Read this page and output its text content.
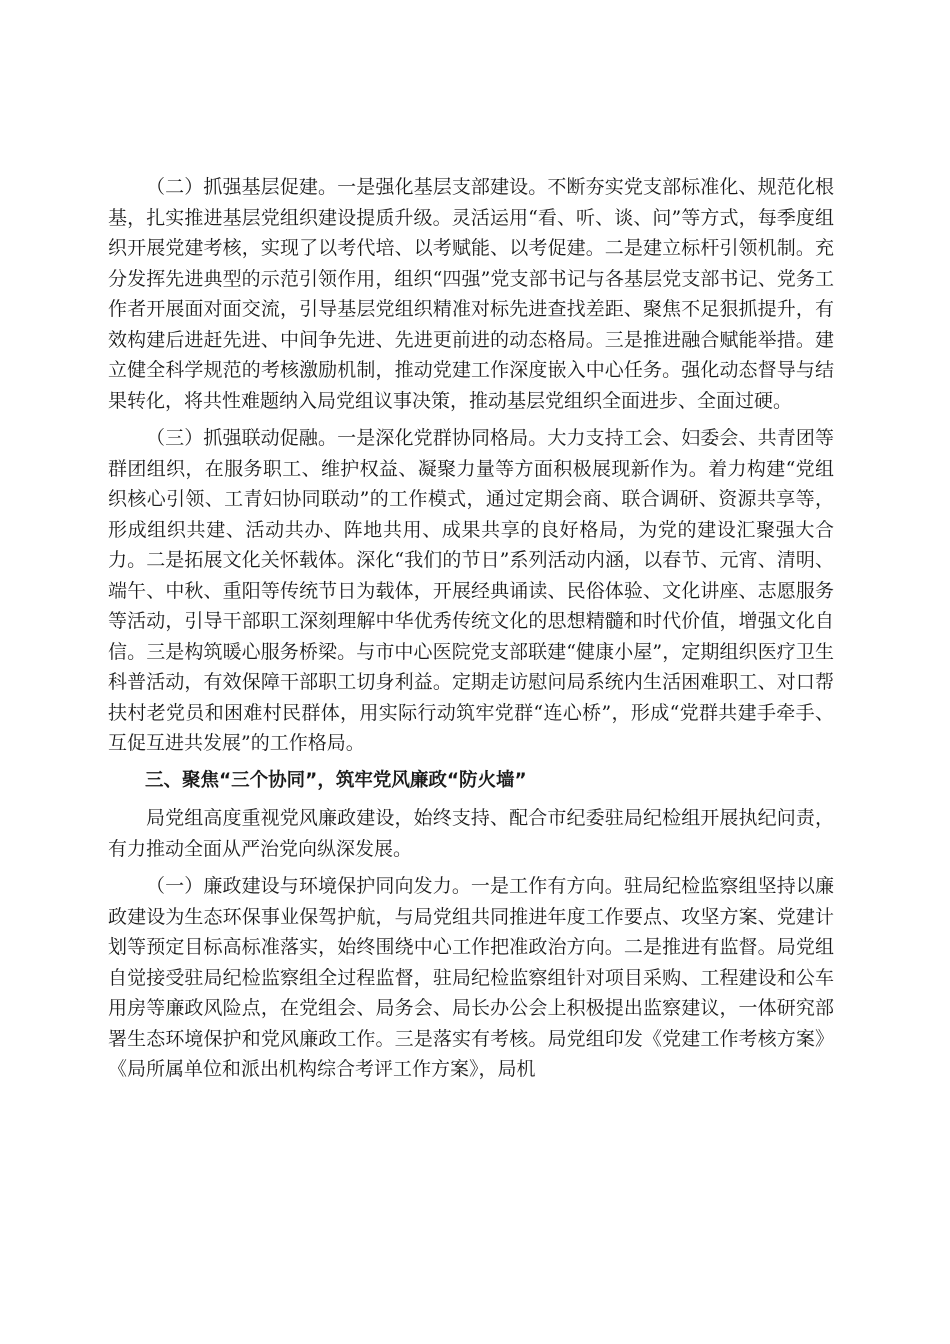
（二）抓强基层促建。一是强化基层支部建设。不断夯实党支部标准化、规范化根基，扎实推进基层党组织建设提质升级。灵活运用“看、听、谈、问”等方式，每季度组织开展党建考核，实现了以考代培、以考赋能、以考促建。二是建立标杆引领机制。充分发挥先进典型的示范引领作用，组织“四强”党支部书记与各基层党支部书记、党务工作者开展面对面交流，引导基层党组织精准对标先进查找差距、聚焦不足狠抓提升，有效构建后进赶先进、中间争先进、先进更前进的动态格局。三是推进融合赋能举措。建立健全科学规范的考核激励机制，推动党建工作深度嵌入中心任务。强化动态督导与结果转化，将共性难题纳入局党组议事决策，推动基层党组织全面进步、全面过硬。

（三）抓强联动促融。一是深化党群协同格局。大力支持工会、妇委会、共青团等群团组织，在服务职工、维护权益、凝聚力量等方面积极展现新作为。着力构建“党组织核心引领、工青妇协同联动”的工作模式，通过定期会商、联合调研、资源共享等，形成组织共建、活动共办、阵地共用、成果共享的良好格局，为党的建设汇聚强大合力。二是拓展文化关怀载体。深化“我们的节日”系列活动内涵，以春节、元宵、清明、端午、中秋、重阳等传统节日为载体，开展经典诵读、民俗体验、文化讲座、志愿服务等活动，引导干部职工深刻理解中华优秀传统文化的思想精髓和时代价值，增强文化自信。三是构筑暖心服务桥梁。与市中心医院党支部联建“健康小屋”，定期组织医疗卫生科普活动，有效保障干部职工切身利益。定期走访慰问局系统内生活困难职工、对口帮扶村老党员和困难村民群体，用实际行动筑牢党群“连心桥”，形成“党群共建手牵手、互促互进共发展”的工作格局。

三、聚焦“三个协同”，筑牢党风廉政“防火墙”

局党组高度重视党风廉政建设，始终支持、配合市纪委驻局纪检组开展执纪问责，有力推动全面从严治党向纵深发展。

（一）廉政建设与环境保护同向发力。一是工作有方向。驻局纪检监察组坚持以廉政建设为生态环保事业保驾护航，与局党组共同推进年度工作要点、攻坚方案、党建计划等预定目标高标准落实，始终围绕中心工作把准政治方向。二是推进有监督。局党组自觉接受驻局纪检监察组全过程监督，驻局纪检监察组针对项目采购、工程建设和公车用房等廉政风险点，在党组会、局务会、局长办公会上积极提出监察建议，一体研究部署生态环境保护和党风廉政工作。三是落实有考核。局党组印发《党建工作考核方案》《局所属单位和派出机构综合考评工作方案》，局机
